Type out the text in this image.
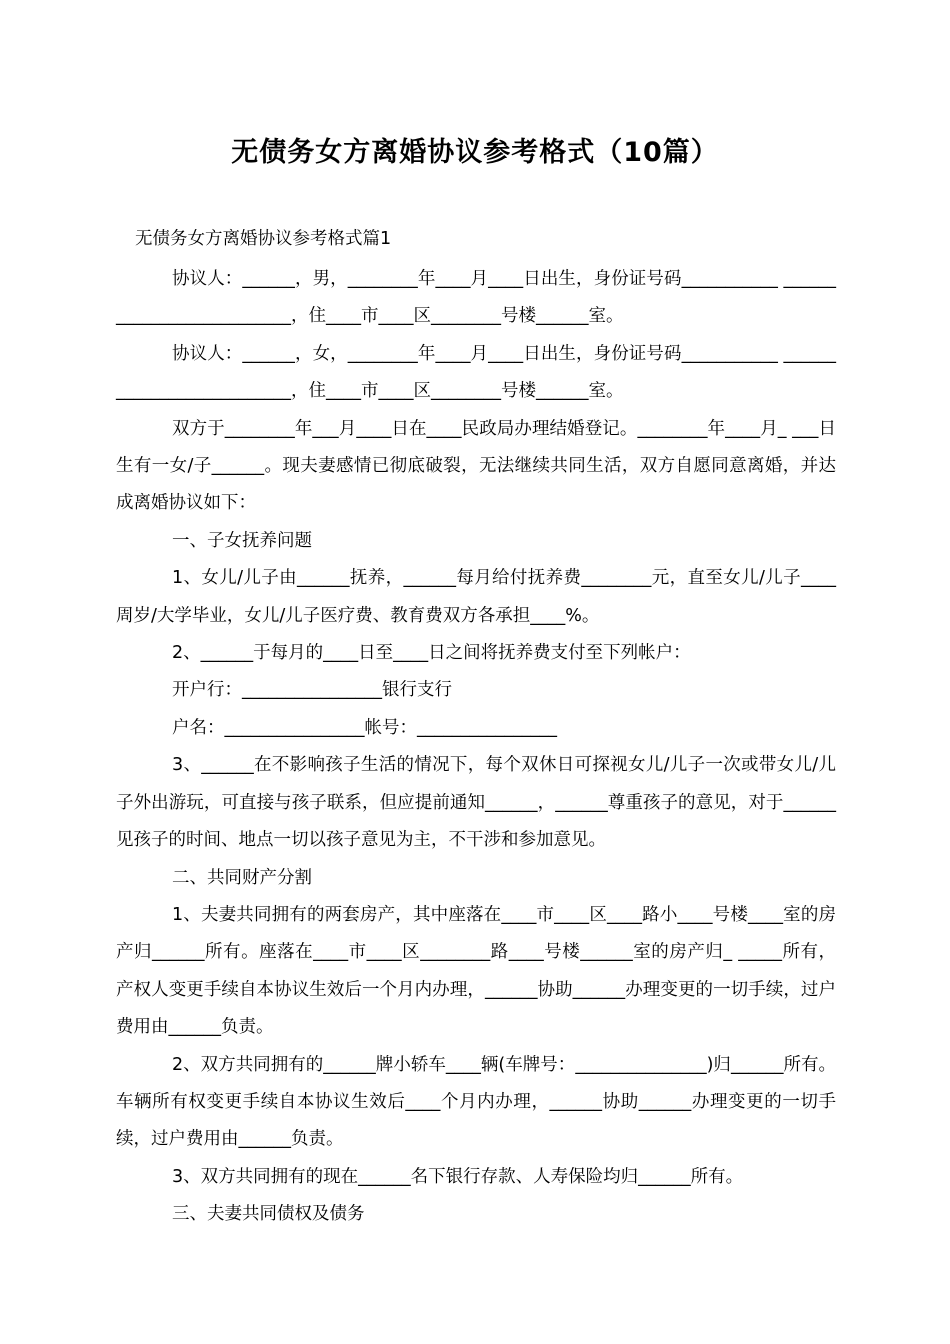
无债务女方离婚协议参考格式（10篇）
无债务女方离婚协议参考格式篇1

协议人：______，男，________年____月____日出生，身份证号码___________ __________________________，住____市____区________号楼______室。

协议人：______，女，________年____月____日出生，身份证号码___________ __________________________，住____市____区________号楼______室。

双方于________年___月____日在____民政局办理结婚登记。________年____月_ ___日生有一女/子______。现夫妻感情已彻底破裂，无法继续共同生活，双方自愿同意离婚，并达成离婚协议如下：

一、子女抚养问题

1、女儿/儿子由______抚养，______每月给付抚养费________元，直至女儿/儿子____周岁/大学毕业，女儿/儿子医疗费、教育费双方各承担____%。

2、______于每月的____日至____日之间将抚养费支付至下列帐户：

开户行：________________银行支行

户名：________________帐号：________________

3、______在不影响孩子生活的情况下，每个双休日可探视女儿/儿子一次或带女儿/儿子外出游玩，可直接与孩子联系，但应提前通知______，______尊重孩子的意见，对于______见孩子的时间、地点一切以孩子意见为主，不干涉和参加意见。

二、共同财产分割

1、夫妻共同拥有的两套房产，其中座落在____市____区____路小____号楼____室的房产归______所有。座落在____市____区________路____号楼______室的房产归_ _____所有，产权人变更手续自本协议生效后一个月内办理，______协助______办理变更的一切手续，过户费用由______负责。

2、双方共同拥有的______牌小轿车____辆(车牌号：_______________)归______所有。车辆所有权变更手续自本协议生效后____个月内办理，______协助______办理变更的一切手续，过户费用由______负责。

3、双方共同拥有的现在______名下银行存款、人寿保险均归______所有。

三、夫妻共同债权及债务
